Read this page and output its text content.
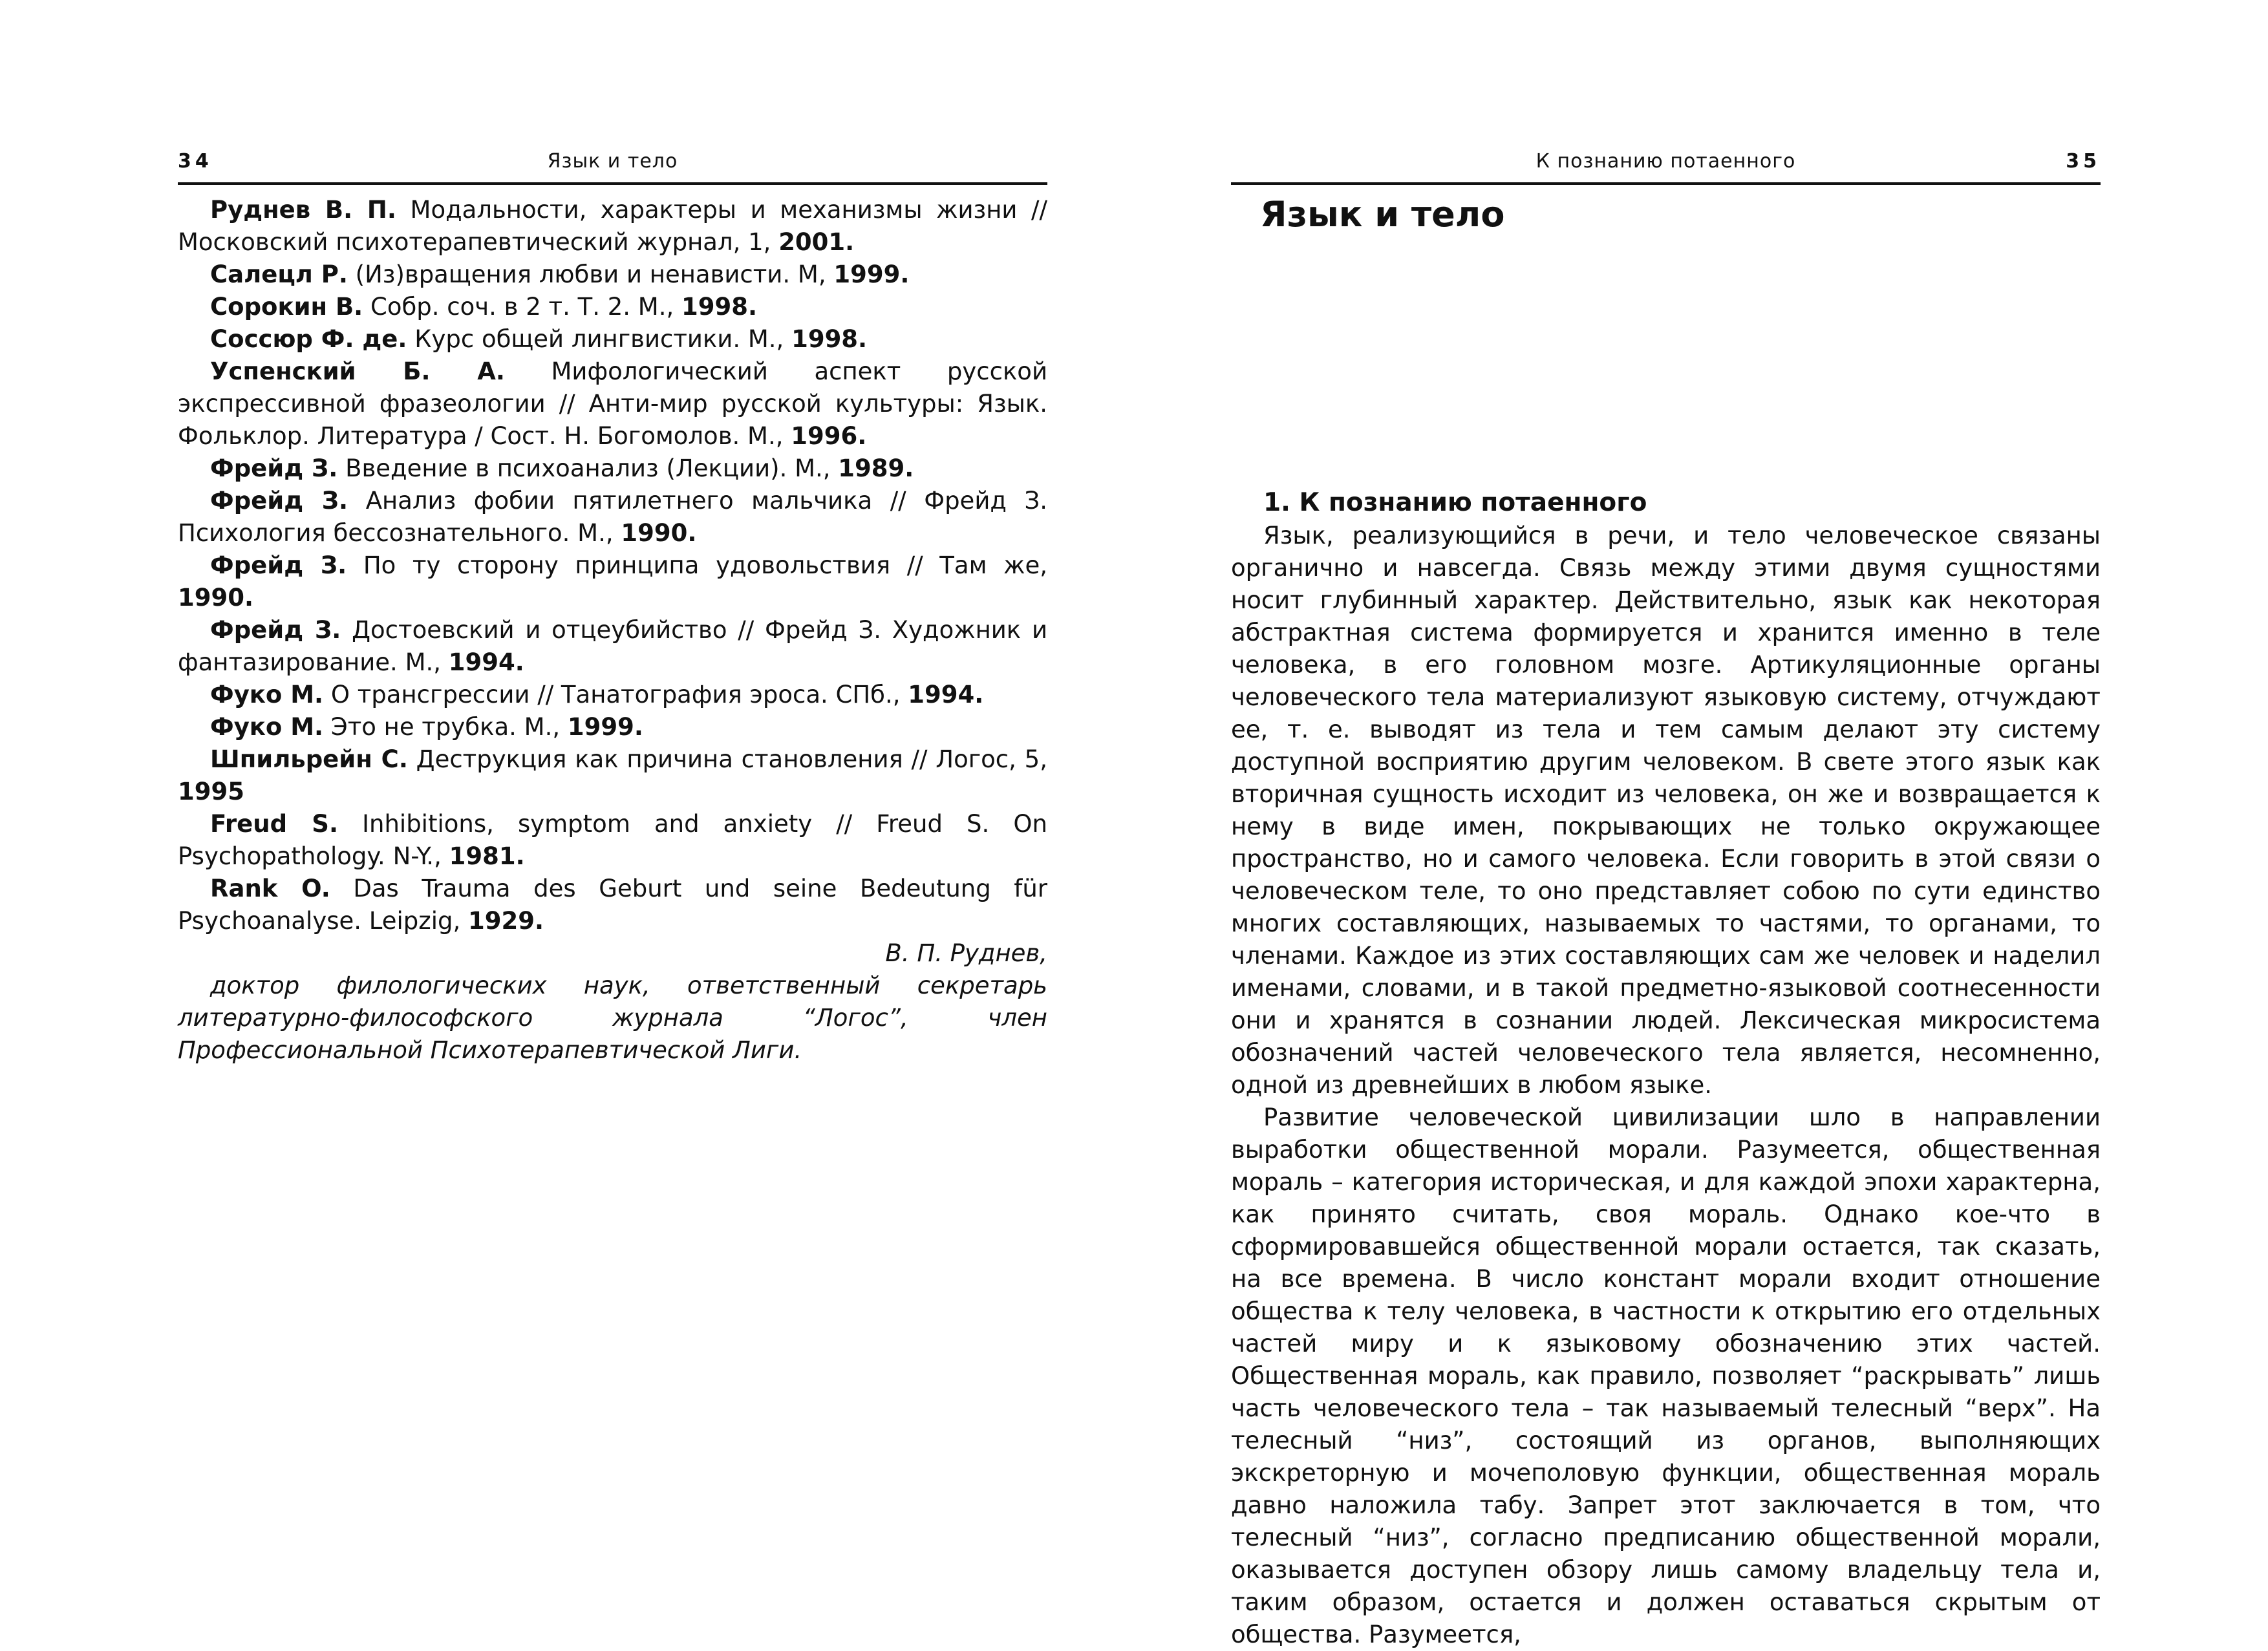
Язык и тело
34

Руднев В. П. Модальности, характеры и механизмы жизни // Московский психотерапевтический журнал, 1, 2001.

Салецл Р. (Из)вращения любви и ненависти. М, 1999.

Сорокин В. Собр. соч. в 2 т. Т. 2. М., 1998.

Соссюр Ф. де. Курс общей лингвистики. М., 1998.

Успенский Б. А. Мифологический аспект русской экспрессивной фразеологии // Анти-мир русской культуры: Язык. Фольклор. Литература / Сост. Н. Богомолов. М., 1996.

Фрейд З. Введение в психоанализ (Лекции). М., 1989.

Фрейд З. Анализ фобии пятилетнего мальчика // Фрейд З. Психология бессознательного. М., 1990.

Фрейд З. По ту сторону принципа удовольствия // Там же, 1990.

Фрейд З. Достоевский и отцеубийство // Фрейд З. Художник и фантазирование. М., 1994.

Фуко М. О трансгрессии // Танатография эроса. СПб., 1994.

Фуко М. Это не трубка. М., 1999.

Шпильрейн С. Деструкция как причина становления // Логос, 5, 1995

Freud S. Inhibitions, symptom and anxiety // Freud S. On Psychopathology. N-Y., 1981.

Rank O. Das Trauma des Geburt und seine Bedeutung für Psychoanalyse. Leipzig, 1929.

В. П. Руднев,

доктор филологических наук, ответственный секретарь литературно-философского журнала “Логос”, член Профессиональной Психотерапевтической Лиги.

К познанию потаенного	35
Язык и тело
1. К познанию потаенного

Язык, реализующийся в речи, и тело человеческое связаны органично и навсегда. Связь между этими двумя сущностями носит глубинный характер. Действительно, язык как некоторая абстрактная система формируется и хранится именно в теле человека, в его головном мозге. Артикуляционные органы человеческого тела материализуют языковую систему, отчуждают ее, т. е. выводят из тела и тем самым делают эту систему доступной восприятию другим человеком. В свете этого язык как вторичная сущность исходит из человека, он же и возвращается к нему в виде имен, покрывающих не только окружающее пространство, но и самого человека. Если говорить в этой связи о человеческом теле, то оно представляет собою по сути единство многих составляющих, называемых то частями, то органами, то членами. Каждое из этих составляющих сам же человек и наделил именами, словами, и в такой предметно-языковой соотнесенности они и хранятся в сознании людей. Лексическая микросистема обозначений частей человеческого тела является, несомненно, одной из древнейших в любом языке.

Развитие человеческой цивилизации шло в направлении выработки общественной морали. Разумеется, общественная мораль – категория историческая, и для каждой эпохи характерна, как принято считать, своя мораль. Однако кое-что в сформировавшейся общественной морали остается, так сказать, на все времена. В число констант морали входит отношение общества к телу человека, в частности к открытию его отдельных частей миру и к языковому обозначению этих частей. Общественная мораль, как правило, позволяет “раскрывать” лишь часть человеческого тела – так называемый телесный “верх”. На телесный “низ”, состоящий из органов, выполняющих экскреторную и мочеполовую функции, общественная мораль давно наложила табу. Запрет этот заключается в том, что телесный “низ”, согласно предписанию общественной морали, оказывается доступен обзору лишь самому владельцу тела и, таким образом, остается и должен оставаться скрытым от общества. Разумеется,
